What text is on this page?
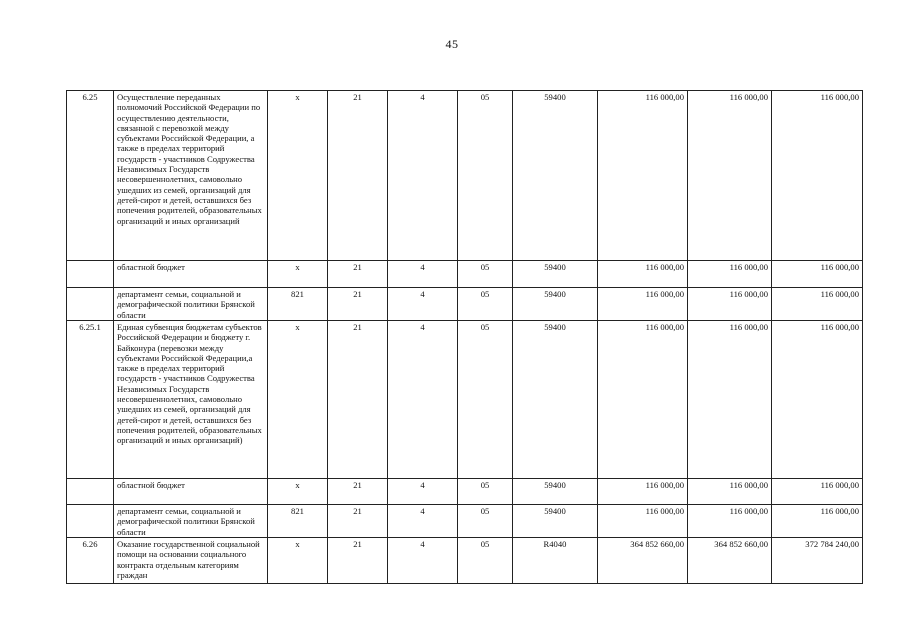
45
6.25	Осуществление переданных полномочий Российской Федерации по осуществлению деятельности, связанной с перевозкой между субъектами Российской Федерации, а также в пределах территорий государств - участников Содружества Независимых Государств несовершеннолетних, самовольно ушедших из семей, организаций для детей-сирот и детей, оставшихся без попечения родителей, образовательных организаций и иных организаций	х	21	4	05	59400	116 000,00	116 000,00	116 000,00
	областной бюджет	х	21	4	05	59400	116 000,00	116 000,00	116 000,00
	департамент семьи, социальной и демографической политики Брянской области	821	21	4	05	59400	116 000,00	116 000,00	116 000,00
6.25.1	Единая субвенция бюджетам субъектов Российской Федерации и бюджету г. Байконура (перевозки между субъектами Российской Федерации,а также в пределах территорий государств - участников Содружества Независимых Государств несовершеннолетних, самовольно ушедших из семей, организаций для детей-сирот и детей, оставшихся без попечения родителей, образовательных организаций и иных организаций)	х	21	4	05	59400	116 000,00	116 000,00	116 000,00
	областной бюджет	х	21	4	05	59400	116 000,00	116 000,00	116 000,00
	департамент семьи, социальной и демографической политики Брянской области	821	21	4	05	59400	116 000,00	116 000,00	116 000,00
6.26	Оказание государственной социальной помощи на основании социального контракта отдельным категориям граждан	х	21	4	05	R4040	364 852 660,00	364 852 660,00	372 784 240,00
